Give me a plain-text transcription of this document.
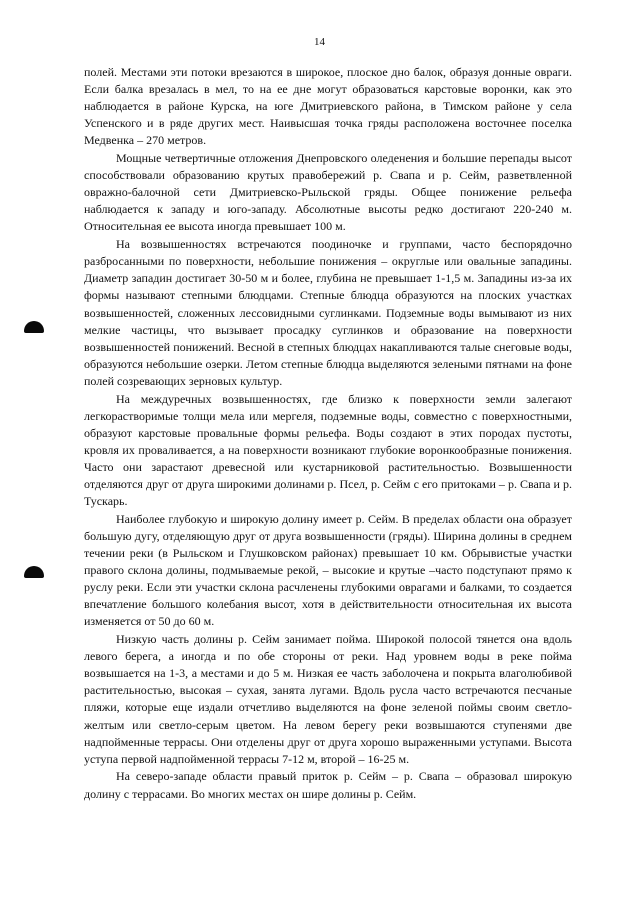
14

полей. Местами эти потоки врезаются в широкое, плоское дно балок, образуя донные овраги. Если балка врезалась в мел, то на ее дне могут образоваться карстовые воронки, как это наблюдается в районе Курска, на юге Дмитриевского района, в Тимском районе у села Успенского и в ряде других мест. Наивысшая точка гряды расположена восточнее поселка Медвенка – 270 метров.

Мощные четвертичные отложения Днепровского оледенения и большие перепады высот способствовали образованию крутых правобережий р. Свапа и р. Сейм, разветвленной овражно-балочной сети Дмитриевско-Рыльской гряды. Общее понижение рельефа наблюдается к западу и юго-западу. Абсолютные высоты редко достигают 220-240 м. Относительная ее высота иногда превышает 100 м.

На возвышенностях встречаются поодиночке и группами, часто беспорядочно разбросанными по поверхности, небольшие понижения – округлые или овальные западины. Диаметр западин достигает 30-50 м и более, глубина не превышает 1-1,5 м. Западины из-за их формы называют степными блюдцами. Степные блюдца образуются на плоских участках возвышенностей, сложенных лессовидными суглинками. Подземные воды вымывают из них мелкие частицы, что вызывает просадку суглинков и образование на поверхности возвышенностей понижений. Весной в степных блюдцах накапливаются талые снеговые воды, образуются небольшие озерки. Летом степные блюдца выделяются зелеными пятнами на фоне полей созревающих зерновых культур.

На междуречных возвышенностях, где близко к поверхности земли залегают легкорастворимые толщи мела или мергеля, подземные воды, совместно с поверхностными, образуют карстовые провальные формы рельефа. Воды создают в этих породах пустоты, кровля их проваливается, а на поверхности возникают глубокие воронкообразные понижения. Часто они зарастают древесной или кустарниковой растительностью. Возвышенности отделяются друг от друга широкими долинами р. Псел, р. Сейм с его притоками – р. Свапа и р. Тускарь.

Наиболее глубокую и широкую долину имеет р. Сейм. В пределах области она образует большую дугу, отделяющую друг от друга возвышенности (гряды). Ширина долины в среднем течении реки (в Рыльском и Глушковском районах) превышает 10 км. Обрывистые участки правого склона долины, подмываемые рекой, – высокие и крутые –часто подступают прямо к руслу реки. Если эти участки склона расчленены глубокими оврагами и балками, то создается впечатление большого колебания высот, хотя в действительности относительная их высота изменяется от 50 до 60 м.

Низкую часть долины р. Сейм занимает пойма. Широкой полосой тянется она вдоль левого берега, а иногда и по обе стороны от реки. Над уровнем воды в реке пойма возвышается на 1-3, а местами и до 5 м. Низкая ее часть заболочена и покрыта влаголюбивой растительностью, высокая – сухая, занята лугами. Вдоль русла часто встречаются песчаные пляжи, которые еще издали отчетливо выделяются на фоне зеленой поймы своим светло-желтым или светло-серым цветом. На левом берегу реки возвышаются ступенями две надпойменные террасы. Они отделены друг от друга хорошо выраженными уступами. Высота уступа первой надпойменной террасы 7-12 м, второй – 16-25 м.

На северо-западе области правый приток р. Сейм – р. Свапа – образовал широкую долину с террасами. Во многих местах он шире долины р. Сейм.
